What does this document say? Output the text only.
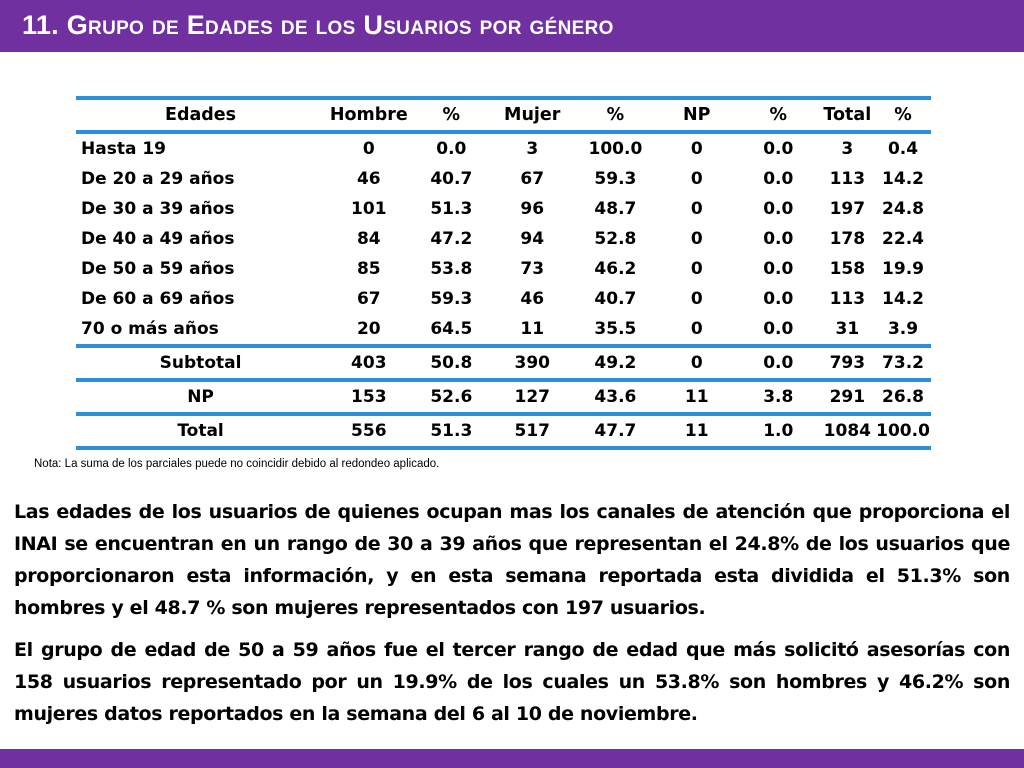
11. Grupo de Edades de los Usuarios por género
Edades	Hombre	%	Mujer	%	NP	%	Total	%
Hasta 19	0	0.0	3	100.0	0	0.0	3	0.4
De 20 a 29 años	46	40.7	67	59.3	0	0.0	113	14.2
De 30 a 39 años	101	51.3	96	48.7	0	0.0	197	24.8
De 40 a 49 años	84	47.2	94	52.8	0	0.0	178	22.4
De 50 a 59 años	85	53.8	73	46.2	0	0.0	158	19.9
De 60 a 69 años	67	59.3	46	40.7	0	0.0	113	14.2
70 o más años	20	64.5	11	35.5	0	0.0	31	3.9
Subtotal	403	50.8	390	49.2	0	0.0	793	73.2
NP	153	52.6	127	43.6	11	3.8	291	26.8
Total	556	51.3	517	47.7	11	1.0	1084	100.0

Nota: La suma de los parciales puede no coincidir debido al redondeo aplicado.

Las edades de los usuarios de quienes ocupan mas los canales de atención que proporciona el INAI se encuentran en un rango de 30 a 39 años que representan el 24.8% de los usuarios que proporcionaron esta información, y en esta semana reportada esta dividida el 51.3% son hombres y el 48.7 % son mujeres representados con 197 usuarios.

El grupo de edad de 50 a 59 años fue el tercer rango de edad que más solicitó asesorías con 158 usuarios representado por un 19.9% de los cuales un 53.8% son hombres y 46.2% son mujeres datos reportados en la semana del 6 al 10 de noviembre.
